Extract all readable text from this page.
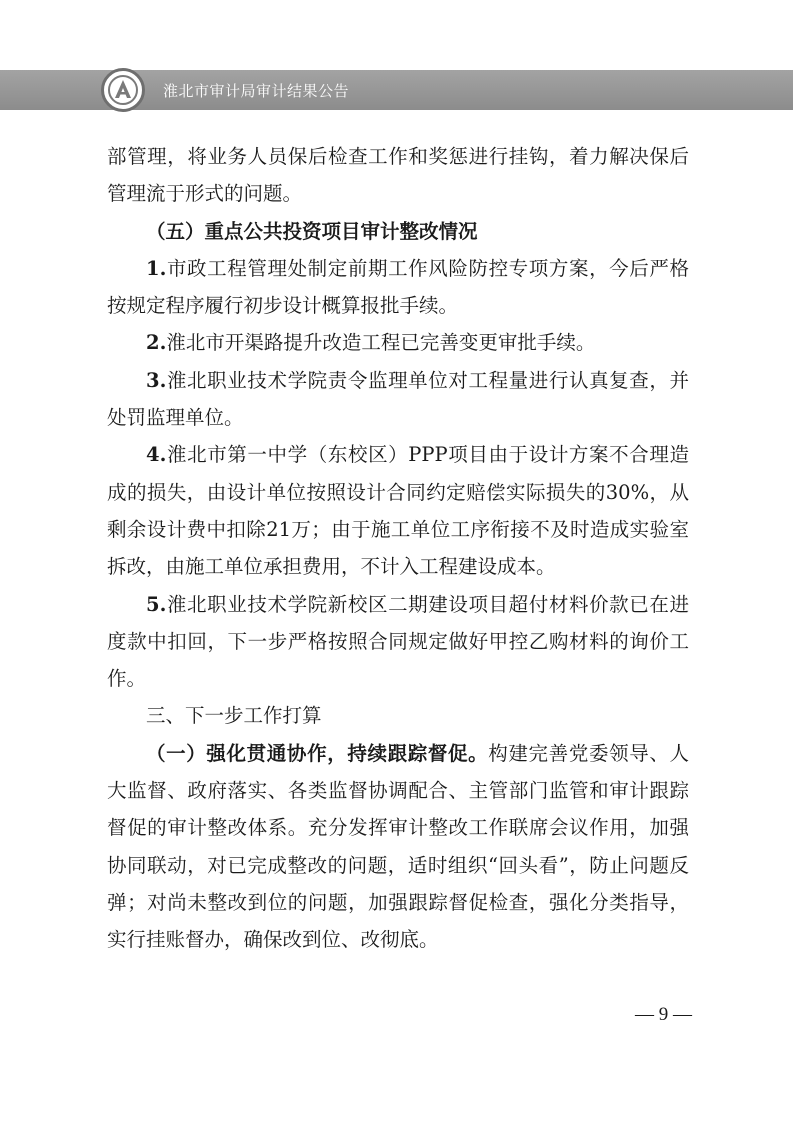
淮北市审计局审计结果公告

部管理，将业务人员保后检查工作和奖惩进行挂钩，着力解决保后管理流于形式的问题。

（五）重点公共投资项目审计整改情况

1.市政工程管理处制定前期工作风险防控专项方案，今后严格按规定程序履行初步设计概算报批手续。

2.淮北市开渠路提升改造工程已完善变更审批手续。

3.淮北职业技术学院责令监理单位对工程量进行认真复查，并处罚监理单位。

4.淮北市第一中学（东校区）PPP项目由于设计方案不合理造成的损失，由设计单位按照设计合同约定赔偿实际损失的30%，从剩余设计费中扣除21万；由于施工单位工序衔接不及时造成实验室拆改，由施工单位承担费用，不计入工程建设成本。

5.淮北职业技术学院新校区二期建设项目超付材料价款已在进度款中扣回，下一步严格按照合同规定做好甲控乙购材料的询价工作。

三、下一步工作打算

（一）强化贯通协作，持续跟踪督促。构建完善党委领导、人大监督、政府落实、各类监督协调配合、主管部门监管和审计跟踪督促的审计整改体系。充分发挥审计整改工作联席会议作用，加强协同联动，对已完成整改的问题，适时组织“回头看”，防止问题反弹；对尚未整改到位的问题，加强跟踪督促检查，强化分类指导，实行挂账督办，确保改到位、改彻底。

— 9 —
